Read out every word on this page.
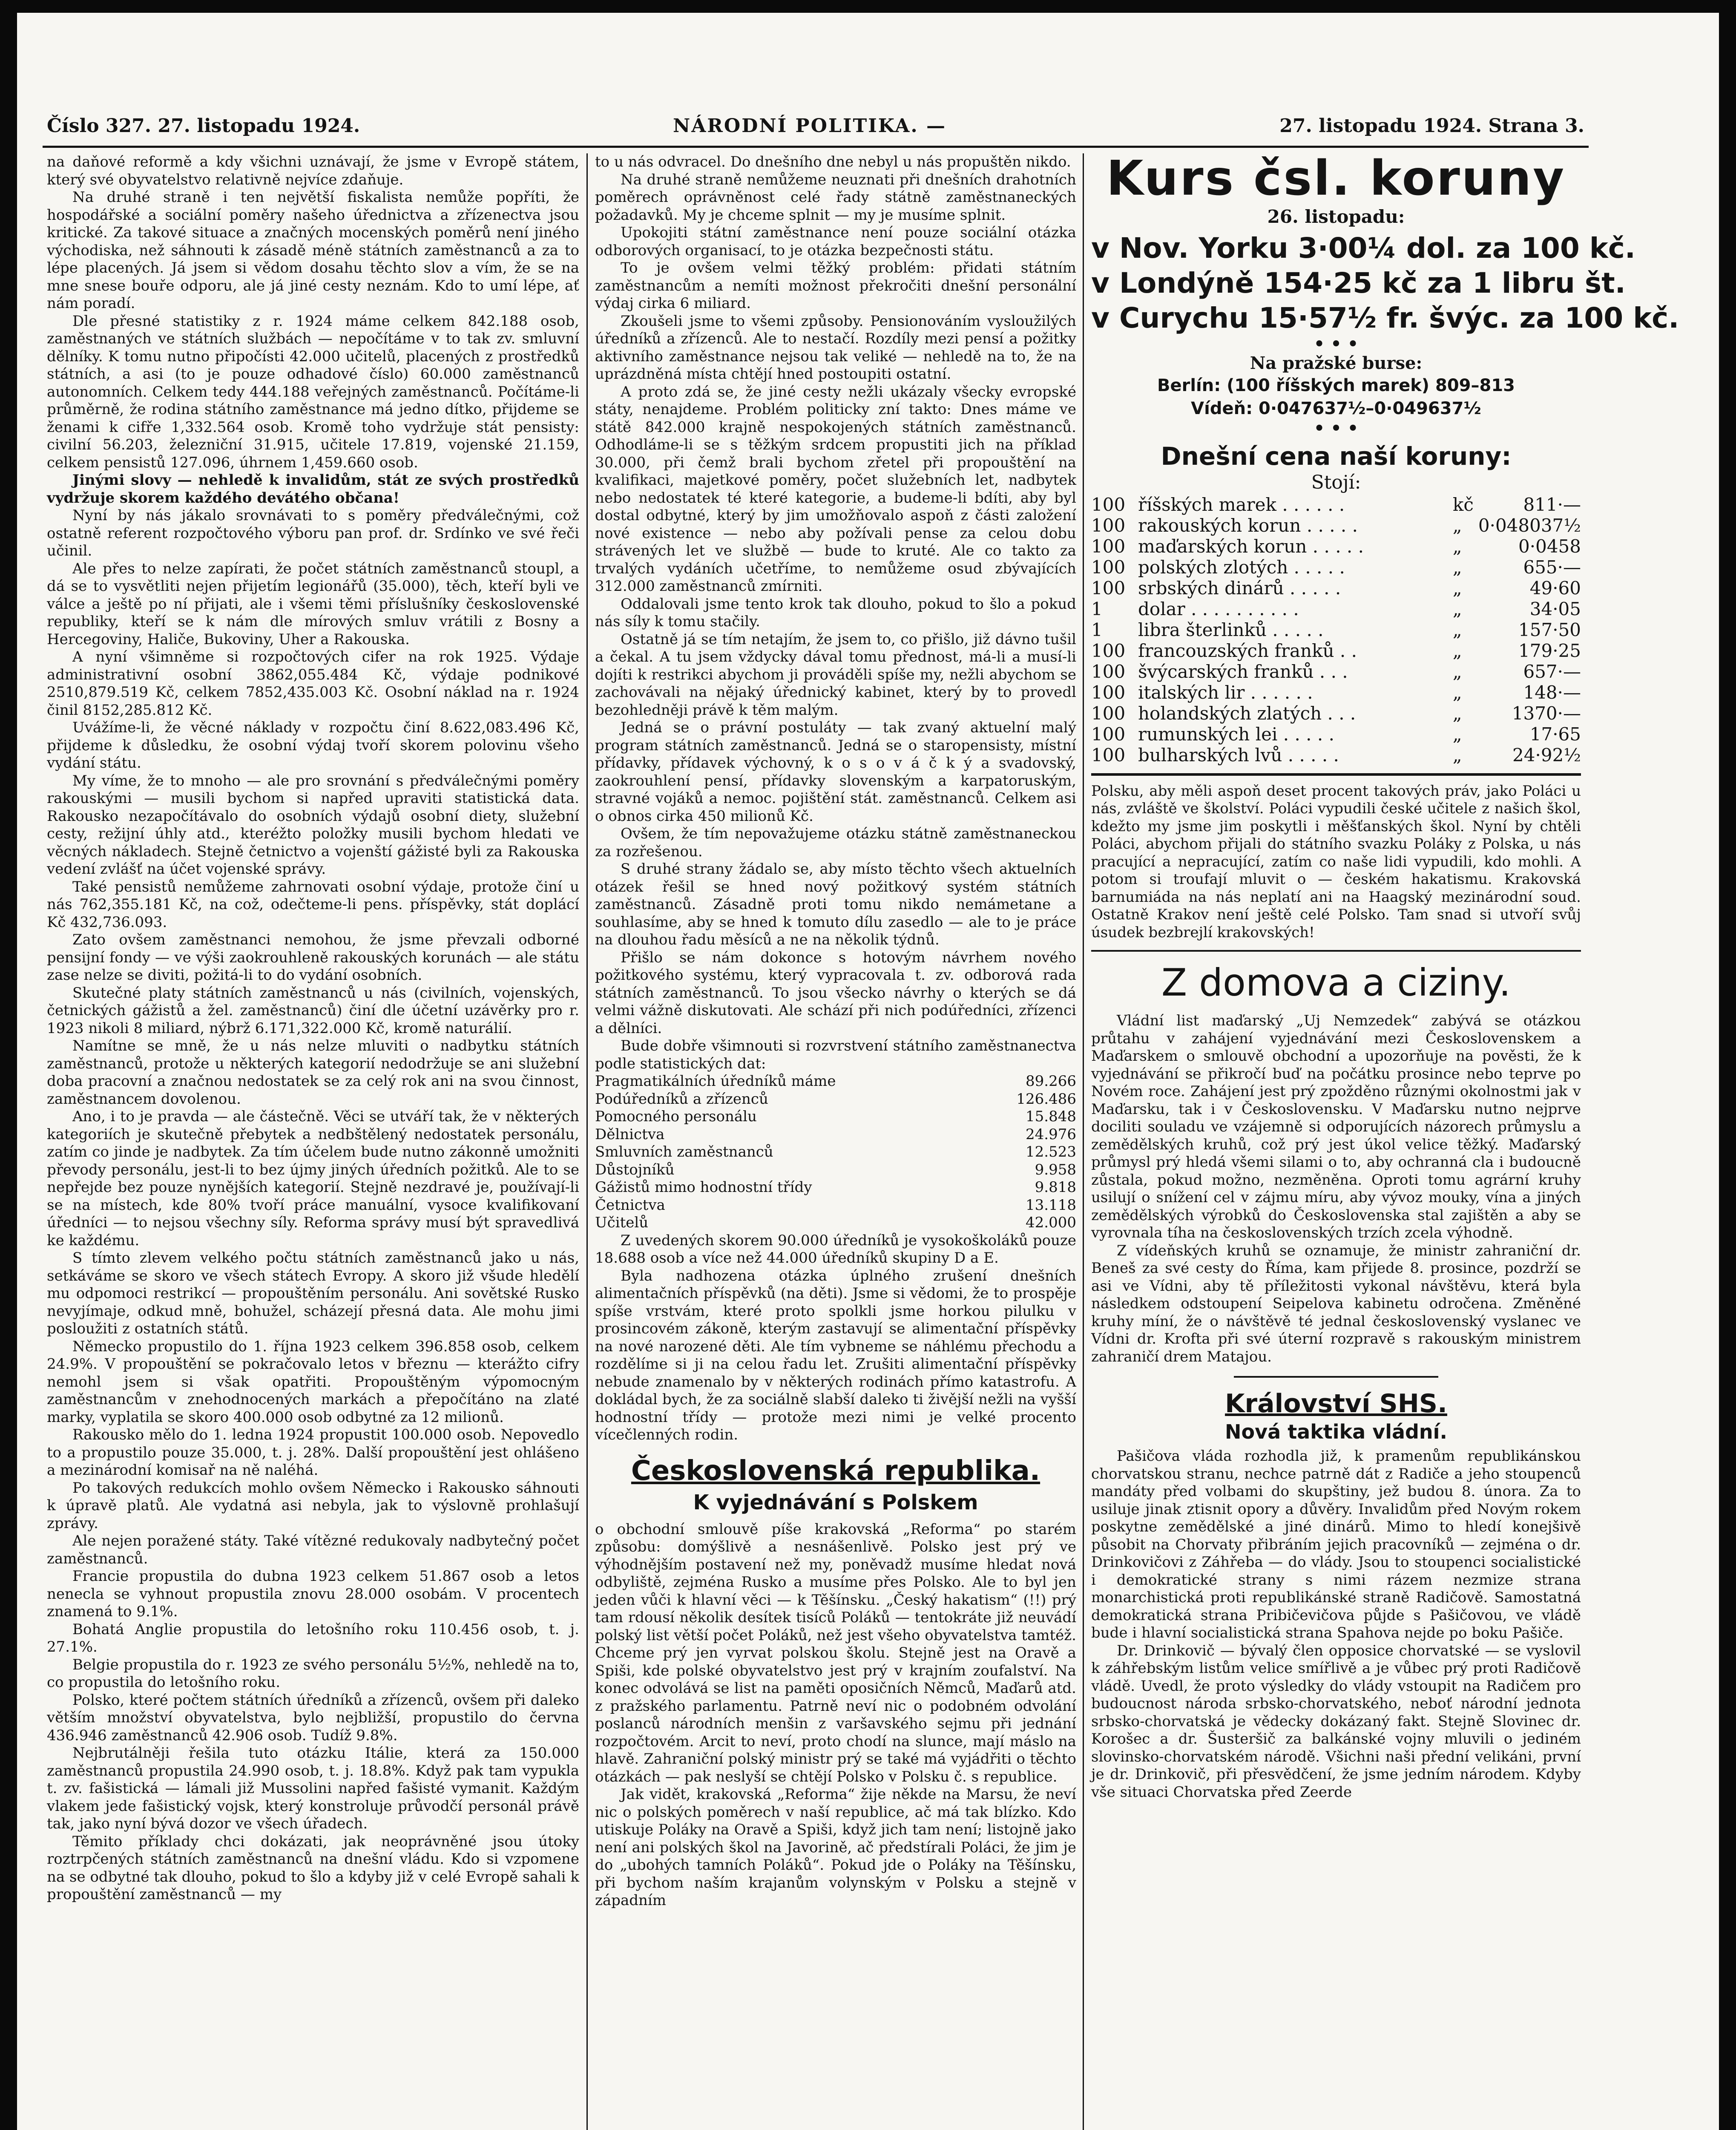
Číslo 327. 27. listopadu 1924.	NÁRODNÍ POLITIKA. —	27. listopadu 1924. Strana 3.

na daňové reformě a kdy všichni uznávají, že jsme v Evropě státem, který své obyvatelstvo relativně nejvíce zdaňuje.

Na druhé straně i ten největší fiskalista nemůže popříti, že hospodářské a sociální poměry našeho úřednictva a zřízenectva jsou kritické. Za takové situace a značných mocenských poměrů není jiného východiska, než sáhnouti k zásadě méně státních zaměstnanců a za to lépe placených. Já jsem si vědom dosahu těchto slov a vím, že se na mne snese bouře odporu, ale já jiné cesty neznám. Kdo to umí lépe, ať nám poradí.

Dle přesné statistiky z r. 1924 máme celkem 842.188 osob, zaměstnaných ve státních službách — nepočítáme v to tak zv. smluvní dělníky. K tomu nutno připočísti 42.000 učitelů, placených z prostředků státních, a asi (to je pouze odhadové číslo) 60.000 zaměstnanců autonomních. Celkem tedy 444.188 veřejných zaměstnanců. Počítáme-li průměrně, že rodina státního zaměstnance má jedno dítko, přijdeme se ženami k cifře 1,332.564 osob. Kromě toho vydržuje stát pensisty: civilní 56.203, železniční 31.915, učitele 17.819, vojenské 21.159, celkem pensistů 127.096, úhrnem 1,459.660 osob.

Jinými slovy — nehledě k invalidům, stát ze svých prostředků vydržuje skorem každého devátého občana!

Nyní by nás jákalo srovnávati to s poměry předválečnými, což ostatně referent rozpočtového výboru pan prof. dr. Srdínko ve své řeči učinil.

Ale přes to nelze zapírati, že počet státních zaměstnanců stoupl, a dá se to vysvětliti nejen přijetím legionářů (35.000), těch, kteří byli ve válce a ještě po ní přijati, ale i všemi těmi příslušníky československé republiky, kteří se k nám dle mírových smluv vrátili z Bosny a Hercegoviny, Haliče, Bukoviny, Uher a Rakouska.

A nyní všimněme si rozpočtových cifer na rok 1925. Výdaje administrativní osobní 3862,055.484 Kč, výdaje podnikové 2510,879.519 Kč, celkem 7852,435.003 Kč. Osobní náklad na r. 1924 činil 8152,285.812 Kč.

Uvážíme-li, že věcné náklady v rozpočtu činí 8.622,083.496 Kč, přijdeme k důsledku, že osobní výdaj tvoří skorem polovinu všeho vydání státu.

My víme, že to mnoho — ale pro srovnání s předválečnými poměry rakouskými — musili bychom si napřed upraviti statistická data. Rakousko nezapočítávalo do osobních výdajů osobní diety, služební cesty, režijní úhly atd., kteréžto položky musili bychom hledati ve věcných nákladech. Stejně četnictvo a vojenští gážisté byli za Rakouska vedení zvlášť na účet vojenské správy.

Také pensistů nemůžeme zahrnovati osobní výdaje, protože činí u nás 762,355.181 Kč, na což, odečteme-li pens. příspěvky, stát doplácí Kč 432,736.093.

Zato ovšem zaměstnanci nemohou, že jsme převzali odborné pensijní fondy — ve výši zaokrouhleně rakouských korunách — ale státu zase nelze se diviti, požitá-li to do vydání osobních.

Skutečné platy státních zaměstnanců u nás (civilních, vojenských, četnických gážistů a žel. zaměstnanců) činí dle účetní uzávěrky pro r. 1923 nikoli 8 miliard, nýbrž 6.171,322.000 Kč, kromě naturálií.

Namítne se mně, že u nás nelze mluviti o nadbytku státních zaměstnanců, protože u některých kategorií nedodržuje se ani služební doba pracovní a značnou nedostatek se za celý rok ani na svou činnost, zaměstnancem dovolenou.

Ano, i to je pravda — ale částečně. Věci se utváří tak, že v některých kategoriích je skutečně přebytek a nedbštělený nedostatek personálu, zatím co jinde je nadbytek. Za tím účelem bude nutno zákonně umožniti převody personálu, jest-li to bez újmy jiných úředních požitků. Ale to se nepřejde bez pouze nynějších kategorií. Stejně nezdravé je, používají-li se na místech, kde 80% tvoří práce manuální, vysoce kvalifikovaní úředníci — to nejsou všechny síly. Reforma správy musí být spravedlivá ke každému.

S tímto zlevem velkého počtu státních zaměstnanců jako u nás, setkáváme se skoro ve všech státech Evropy. A skoro již všude hledělí mu odpomoci restrikcí — propouštěním personálu. Ani sovětské Rusko nevyjímaje, odkud mně, bohužel, scházejí přesná data. Ale mohu jimi posloužiti z ostatních států.

Německo propustilo do 1. října 1923 celkem 396.858 osob, celkem 24.9%. V propouštění se pokračovalo letos v březnu — kterážto cifry nemohl jsem si však opatřiti. Propouštěným výpomocným zaměstnancům v znehodnocených markách a přepočítáno na zlaté marky, vyplatila se skoro 400.000 osob odbytné za 12 milionů.

Rakousko mělo do 1. ledna 1924 propustit 100.000 osob. Nepovedlo to a propustilo pouze 35.000, t. j. 28%. Další propouštění jest ohlášeno a mezinárodní komisař na ně naléhá.

Po takových redukcích mohlo ovšem Německo i Rakousko sáhnouti k úpravě platů. Ale vydatná asi nebyla, jak to výslovně prohlašují zprávy.

Ale nejen poražené státy. Také vítězné redukovaly nadbytečný počet zaměstnanců.

Francie propustila do dubna 1923 celkem 51.867 osob a letos nenecla se vyhnout propustila znovu 28.000 osobám. V procentech znamená to 9.1%.

Bohatá Anglie propustila do letošního roku 110.456 osob, t. j. 27.1%.

Belgie propustila do r. 1923 ze svého personálu 5½%, nehledě na to, co propustila do letošního roku.

Polsko, které počtem státních úředníků a zřízenců, ovšem při daleko větším množství obyvatelstva, bylo nejbližší, propustilo do června 436.946 zaměstnanců 42.906 osob. Tudíž 9.8%.

Nejbrutálněji řešila tuto otázku Itálie, která za 150.000 zaměstnanců propustila 24.990 osob, t. j. 18.8%. Když pak tam vypukla t. zv. fašistická — lámali již Mussolini napřed fašisté vymanit. Každým vlakem jede fašistický vojsk, který konstroluje průvodčí personál právě tak, jako nyní bývá dozor ve všech úřadech.

Těmito příklady chci dokázati, jak neoprávněné jsou útoky roztrpčených státních zaměstnanců na dnešní vládu. Kdo si vzpomene na se odbytné tak dlouho, pokud to šlo a kdyby již v celé Evropě sahali k propouštění zaměstnanců — my

to u nás odvracel. Do dnešního dne nebyl u nás propuštěn nikdo.

Na druhé straně nemůžeme neuznati při dnešních drahotních poměrech oprávněnost celé řady státně zaměstnaneckých požadavků. My je chceme splnit — my je musíme splnit.

Upokojiti státní zaměstnance není pouze sociální otázka odborových organisací, to je otázka bezpečnosti státu.

To je ovšem velmi těžký problém: přidati státním zaměstnancům a nemíti možnost překročiti dnešní personální výdaj cirka 6 miliard.

Zkoušeli jsme to všemi způsoby. Pensionováním vysloužilých úředníků a zřízenců. Ale to nestačí. Rozdíly mezi pensí a požitky aktivního zaměstnance nejsou tak veliké — nehledě na to, že na uprázdněná místa chtějí hned postoupiti ostatní.

A proto zdá se, že jiné cesty nežli ukázaly všecky evropské státy, nenajdeme. Problém politicky zní takto: Dnes máme ve státě 842.000 krajně nespokojených státních zaměstnanců. Odhodláme-li se s těžkým srdcem propustiti jich na příklad 30.000, při čemž brali bychom zřetel při propouštění na kvalifikaci, majetkové poměry, počet služebních let, nadbytek nebo nedostatek té které kategorie, a budeme-li bdíti, aby byl dostal odbytné, který by jim umožňovalo aspoň z části založení nové existence — nebo aby požívali pense za celou dobu strávených let ve službě — bude to kruté. Ale co takto za trvalých vydáních učetříme, to nemůžeme osud zbývajících 312.000 zaměstnanců zmírniti.

Oddalovali jsme tento krok tak dlouho, pokud to šlo a pokud nás síly k tomu stačily.

Ostatně já se tím netajím, že jsem to, co přišlo, již dávno tušil a čekal. A tu jsem vždycky dával tomu přednost, má-li a musí-li dojíti k restrikci abychom ji prováděli spíše my, nežli abychom se zachovávali na nějaký úřednický kabinet, který by to provedl bezohledněji právě k těm malým.

Jedná se o právní postuláty — tak zvaný aktuelní malý program státních zaměstnanců. Jedná se o staropensisty, místní přídavky, přídavek výchovný, k o s o v á č k ý a svadovský, zaokrouhlení pensí, přídavky slovenským a karpatoruským, stravné vojáků a nemoc. pojištění stát. zaměstnanců. Celkem asi o obnos cirka 450 milionů Kč.

Ovšem, že tím nepovažujeme otázku státně zaměstnaneckou za rozřešenou.

S druhé strany žádalo se, aby místo těchto všech aktuelních otázek řešil se hned nový požitkový systém státních zaměstnanců. Zásadně proti tomu nikdo nemámetane a souhlasíme, aby se hned k tomuto dílu zasedlo — ale to je práce na dlouhou řadu měsíců a ne na několik týdnů.

Přišlo se nám dokonce s hotovým návrhem nového požitkového systému, který vypracovala t. zv. odborová rada státních zaměstnanců. To jsou všecko návrhy o kterých se dá velmi vážně diskutovati. Ale schází při nich podúředníci, zřízenci a dělníci.

Bude dobře všimnouti si rozvrstvení státního zaměstnanectva podle statistických dat:

Pragmatikálních úředníků máme	89.266
Podúředníků a zřízenců	126.486
Pomocného personálu	15.848
Dělnictva	24.976
Smluvních zaměstnanců	12.523
Důstojníků	9.958
Gážistů mimo hodnostní třídy	9.818
Četnictva	13.118
Učitelů	42.000

Z uvedených skorem 90.000 úředníků je vysokoškoláků pouze 18.688 osob a více než 44.000 úředníků skupiny D a E.

Byla nadhozena otázka úplného zrušení dnešních alimentačních příspěvků (na děti). Jsme si vědomi, že to prospěje spíše vrstvám, které proto spolkli jsme horkou pilulku v prosincovém zákoně, kterým zastavují se alimentační příspěvky na nové narozené děti. Ale tím vybneme se náhlému přechodu a rozdělíme si ji na celou řadu let. Zrušiti alimentační příspěvky nebude znamenalo by v některých rodinách přímo katastrofu. A dokládal bych, že za sociálně slabší daleko ti živější nežli na vyšší hodnostní třídy — protože mezi nimi je velké procento vícečlenných rodin.

Československá republika.
K vyjednávání s Polskem

o obchodní smlouvě píše krakovská „Reforma“ po starém způsobu: domýšlivě a nesnášenlivě. Polsko jest prý ve výhodnějším postavení než my, poněvadž musíme hledat nová odbyliště, zejména Rusko a musíme přes Polsko. Ale to byl jen jeden vůči k hlavní věci — k Těšínsku. „Český hakatism“ (!!) prý tam rdousí několik desítek tisíců Poláků — tentokráte již neuvádí polský list větší počet Poláků, než jest všeho obyvatelstva tamtéž. Chceme prý jen vyrvat polskou školu. Stejně jest na Oravě a Spiši, kde polské obyvatelstvo jest prý v krajním zoufalství. Na konec odvolává se list na paměti oposičních Němců, Maďarů atd. z pražského parlamentu. Patrně neví nic o podobném odvolání poslanců národních menšin z varšavského sejmu při jednání rozpočtovém. Arcit to neví, proto chodí na slunce, mají máslo na hlavě. Zahraniční polský ministr prý se také má vyjádřiti o těchto otázkách — pak neslyší se chtějí Polsko v Polsku č. s republice.

Jak vidět, krakovská „Reforma“ žije někde na Marsu, že neví nic o polských poměrech v naší republice, ač má tak blízko. Kdo utiskuje Poláky na Oravě a Spiši, když jich tam není; listojně jako není ani polských škol na Javorině, ač předstírali Poláci, že jim je do „ubohých tamních Poláků“. Pokud jde o Poláky na Těšínsku, při bychom naším krajanům volynským v Polsku a stejně v západním

Kurs čsl. koruny
26. listopadu:
v Nov. Yorku 3·00¼ dol. za 100 kč.
v Londýně 154·25 kč za 1 libru št.
v Curychu 15·57½ fr. švýc. za 100 kč.
• • •
Na pražské burse:
Berlín: (100 říšských marek) 809–813
Vídeň: 0·047637½–0·049637½
• • •
Dnešní cena naší koruny:
Stojí:
100	říšských marek . . . . . .	kč	811·—
100	rakouských korun . . . . .	„	0·048037½
100	maďarských korun . . . . .	„	0·0458
100	polských zlotých . . . . .	„	655·—
100	srbských dinárů . . . . .	„	49·60
1	dolar . . . . . . . . . .	„	34·05
1	libra šterlinků . . . . .	„	157·50
100	francouzských franků . .	„	179·25
100	švýcarských franků . . .	„	657·—
100	italských lir . . . . . .	„	148·—
100	holandských zlatých . . .	„	1370·—
100	rumunských lei . . . . .	„	17·65
100	bulharských lvů . . . . .	„	24·92½

Polsku, aby měli aspoň deset procent takových práv, jako Poláci u nás, zvláště ve školství. Poláci vypudili české učitele z našich škol, kdežto my jsme jim poskytli i měšťanských škol. Nyní by chtěli Poláci, abychom přijali do státního svazku Poláky z Polska, u nás pracující a nepracující, zatím co naše lidi vypudili, kdo mohli. A potom si troufají mluvit o — českém hakatismu. Krakovská barnumiáda na nás neplatí ani na Haagský mezinárodní soud. Ostatně Krakov není ještě celé Polsko. Tam snad si utvoří svůj úsudek bezbrejlí krakovských!

Z domova a ciziny.

Vládní list maďarský „Uj Nemzedek“ zabývá se otázkou průtahu v zahájení vyjednávání mezi Československem a Maďarskem o smlouvě obchodní a upozorňuje na pověsti, že k vyjednávání se přikročí buď na počátku prosince nebo teprve po Novém roce. Zahájení jest prý zpožděno různými okolnostmi jak v Maďarsku, tak i v Československu. V Maďarsku nutno nejprve dociliti souladu ve vzájemně si odporujících názorech průmyslu a zemědělských kruhů, což prý jest úkol velice těžký. Maďarský průmysl prý hledá všemi silami o to, aby ochranná cla i budoucně zůstala, pokud možno, nezměněna. Oproti tomu agrární kruhy usilují o snížení cel v zájmu míru, aby vývoz mouky, vína a jiných zemědělských výrobků do Československa stal zajištěn a aby se vyrovnala tíha na československých trzích zcela výhodně.

Z vídeňských kruhů se oznamuje, že ministr zahraniční dr. Beneš za své cesty do Říma, kam přijede 8. prosince, pozdrží se asi ve Vídni, aby tě příležitosti vykonal návštěvu, která byla následkem odstoupení Seipelova kabinetu odročena. Změněné kruhy míní, že o návštěvě té jednal československý vyslanec ve Vídni dr. Krofta při své úterní rozpravě s rakouským ministrem zahraničí drem Matajou.

Království SHS.
Nová taktika vládní.

Pašičova vláda rozhodla již, k pramenům republikánskou chorvatskou stranu, nechce patrně dát z Radiče a jeho stoupenců mandáty před volbami do skupštiny, jež budou 8. února. Za to usiluje jinak ztisnit opory a důvěry. Invalidům před Novým rokem poskytne zemědělské a jiné dinárů. Mimo to hledí konejšivě působit na Chorvaty přibráním jejich pracovníků — zejména o dr. Drinkovičovi z Záhřeba — do vlády. Jsou to stoupenci socialistické i demokratické strany s nimi rázem nezmize strana monarchistická proti republikánské straně Radičově. Samostatná demokratická strana Pribičevičova půjde s Pašičovou, ve vládě bude i hlavní socialistická strana Spahova nejde po boku Pašiče.

Dr. Drinkovič — bývalý člen opposice chorvatské — se vyslovil k záhřebským listům velice smířlivě a je vůbec prý proti Radičově vládě. Uvedl, že proto výsledky do vlády vstoupit na Radičem pro budoucnost národa srbsko-chorvatského, neboť národní jednota srbsko-chorvatská je vědecky dokázaný fakt. Stejně Slovinec dr. Korošec a dr. Šusteršič za balkánské vojny mluvili o jediném slovinsko-chorvatském národě. Všichni naši přední velikáni, první je dr. Drinkovič, při přesvědčení, že jsme jedním národem. Kdyby vše situaci Chorvatska před Zeerde
